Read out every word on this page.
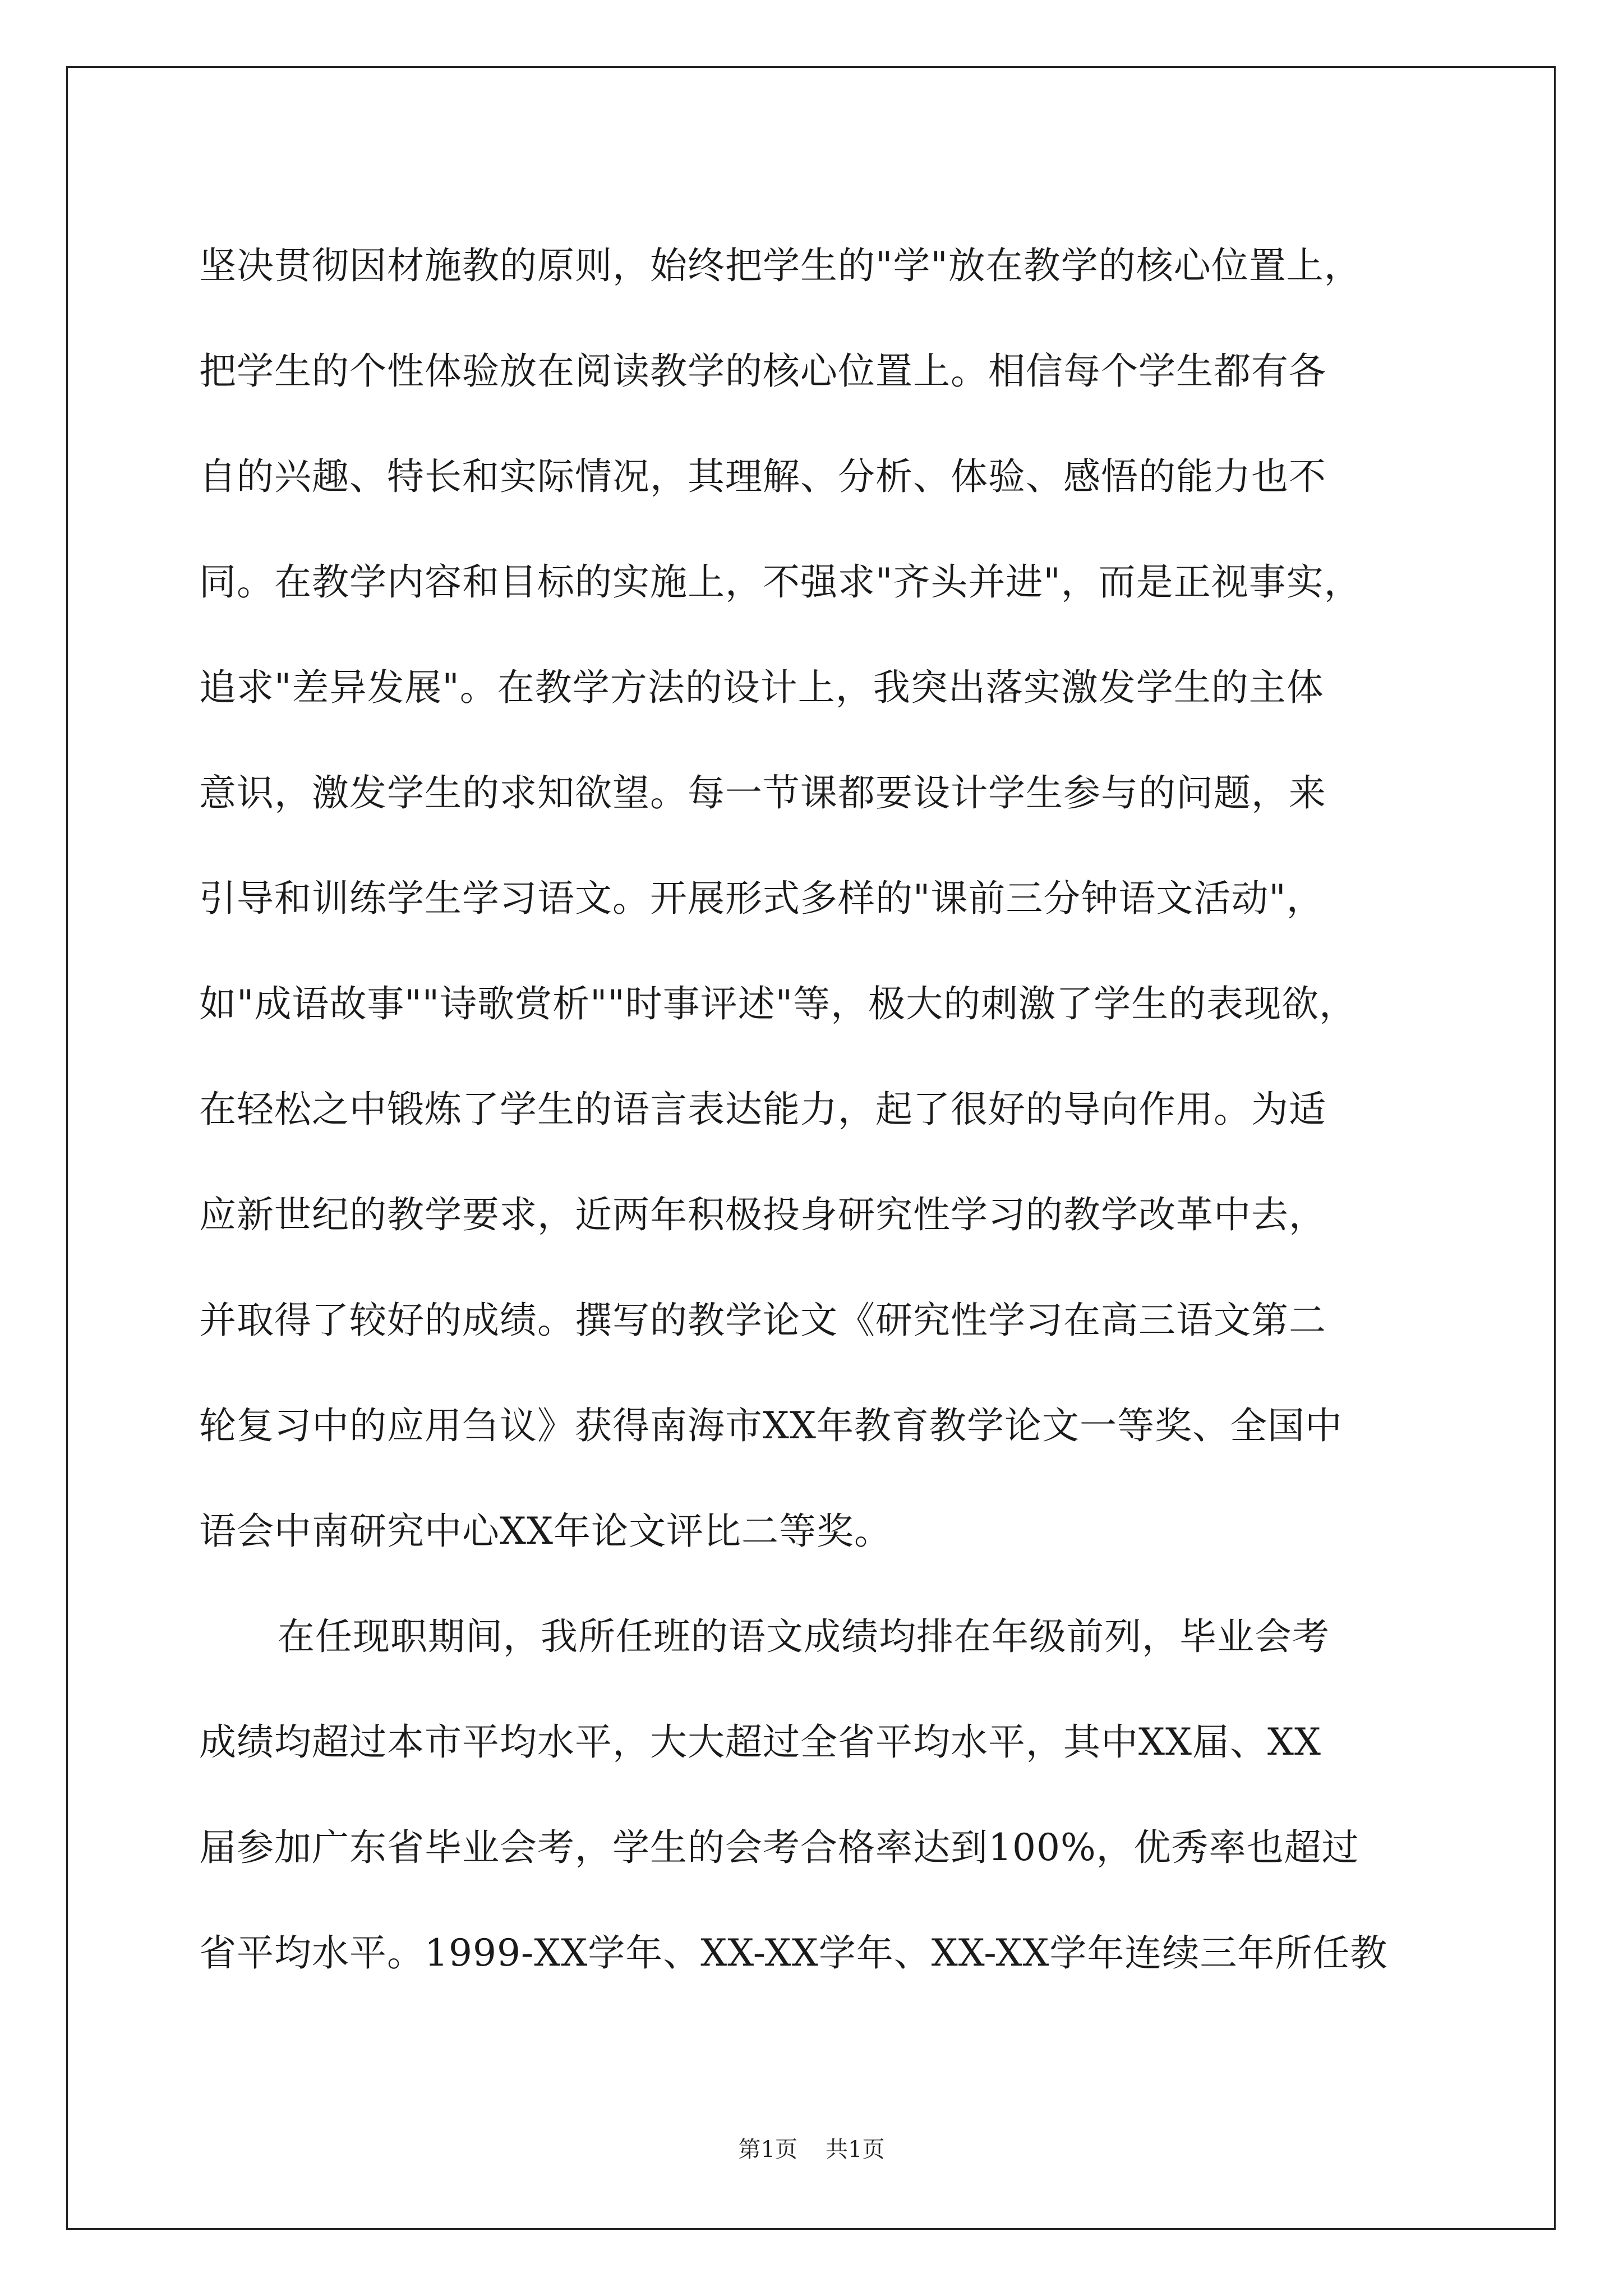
坚决贯彻因材施教的原则，始终把学生的"学"放在教学的核心位置上，
把学生的个性体验放在阅读教学的核心位置上。相信每个学生都有各
自的兴趣、特长和实际情况，其理解、分析、体验、感悟的能力也不
同。在教学内容和目标的实施上，不强求"齐头并进"，而是正视事实，
追求"差异发展"。在教学方法的设计上，我突出落实激发学生的主体
意识，激发学生的求知欲望。每一节课都要设计学生参与的问题，来
引导和训练学生学习语文。开展形式多样的"课前三分钟语文活动"，
如"成语故事""诗歌赏析""时事评述"等，极大的刺激了学生的表现欲，
在轻松之中锻炼了学生的语言表达能力，起了很好的导向作用。为适
应新世纪的教学要求，近两年积极投身研究性学习的教学改革中去，
并取得了较好的成绩。撰写的教学论文《研究性学习在高三语文第二
轮复习中的应用刍议》获得南海市XX年教育教学论文一等奖、全国中
语会中南研究中心XX年论文评比二等奖。
在任现职期间，我所任班的语文成绩均排在年级前列，毕业会考
成绩均超过本市平均水平，大大超过全省平均水平，其中XX届、XX
届参加广东省毕业会考，学生的会考合格率达到100%，优秀率也超过
省平均水平。1999-XX学年、XX-XX学年、XX-XX学年连续三年所任教
第1页 共1页
